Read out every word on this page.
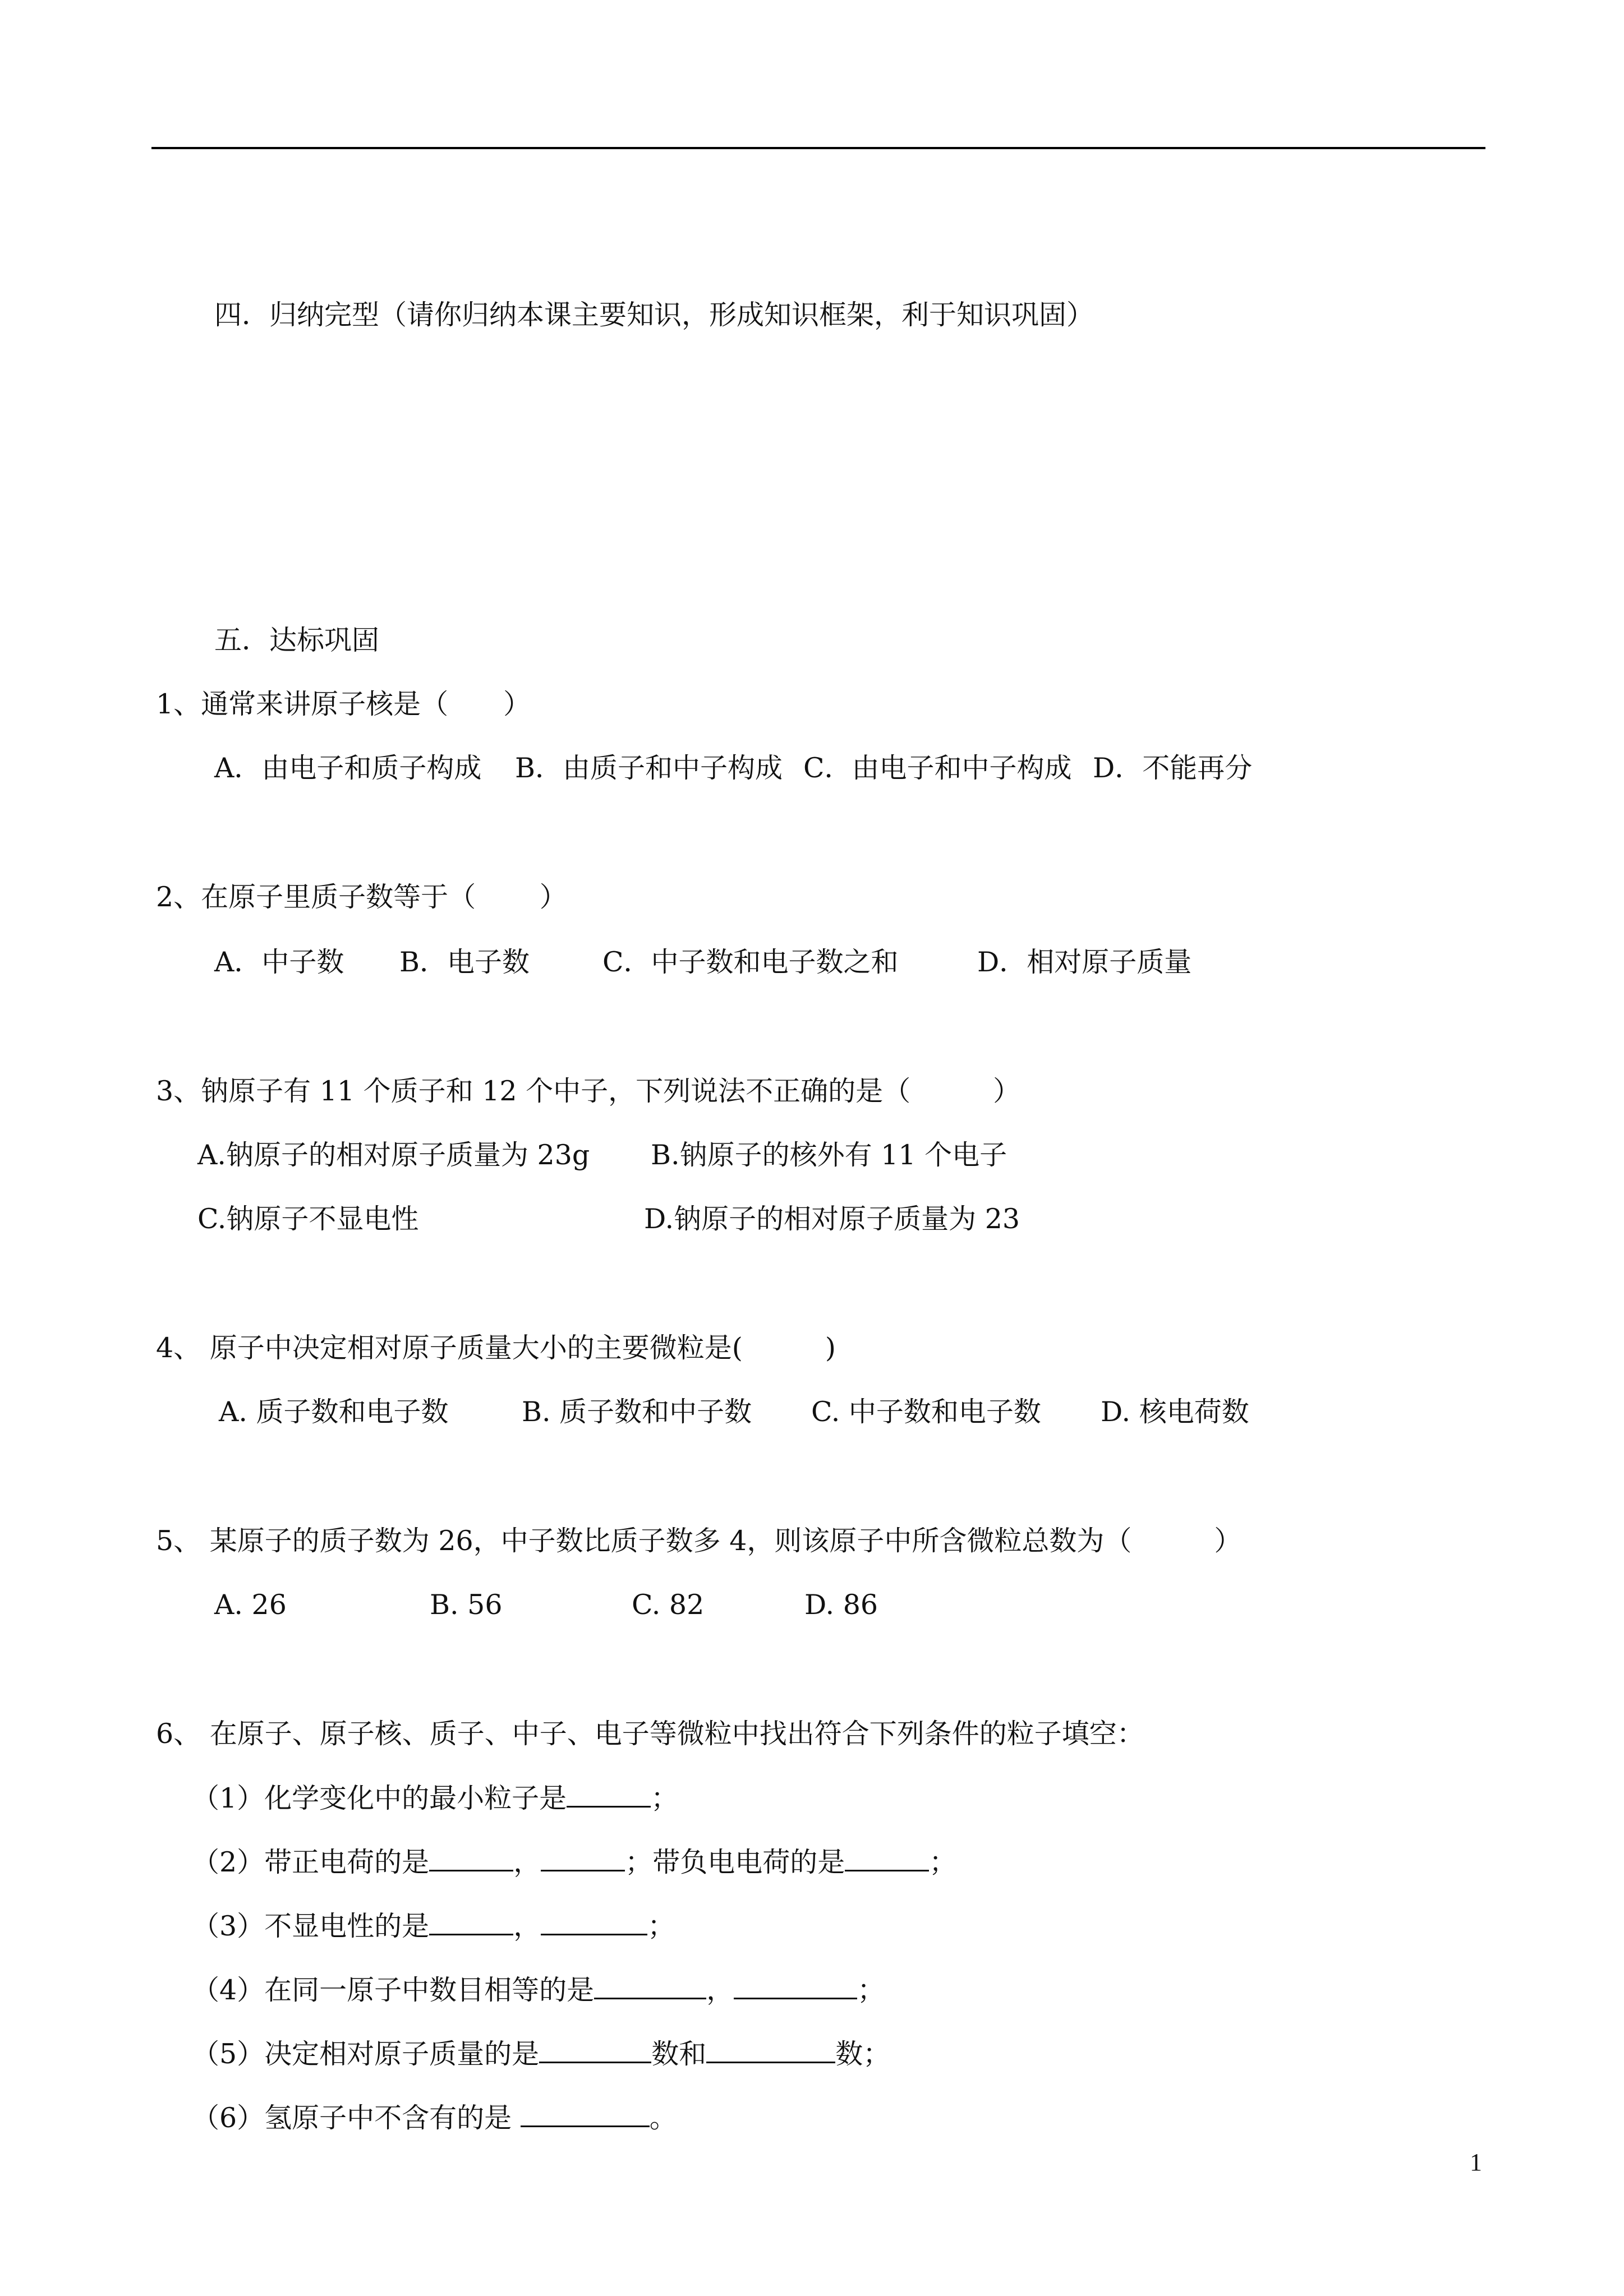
四．归纳完型（请你归纳本课主要知识，形成知识框架，利于知识巩固）
五．达标巩固
1、通常来讲原子核是（　　）
A．由电子和质子构成 B．由质子和中子构成 C．由电子和中子构成 D．不能再分
2、在原子里质子数等于（　　 ）
A．中子数 B．电子数	C．中子数和电子数之和	D．相对原子质量
3、钠原子有 11 个质子和 12 个中子，下列说法不正确的是（　　　）
A.钠原子的相对原子质量为 23g B.钠原子的核外有 11 个电子
C.钠原子不显电性	D.钠原子的相对原子质量为 23
4、 原子中决定相对原子质量大小的主要微粒是(　　　)
A. 质子数和电子数	B. 质子数和中子数 C. 中子数和电子数 D. 核电荷数
5、 某原子的质子数为 26，中子数比质子数多 4，则该原子中所含微粒总数为（　　　）
A. 26	B. 56	C. 82	D. 86
6、 在原子、原子核、质子、中子、电子等微粒中找出符合下列条件的粒子填空：
（1）化学变化中的最小粒子是	；
（2）带正电荷的是	，	；带负电电荷的是	；
（3）不显电性的是	，	；
（4）在同一原子中数目相等的是	，	；
（5）决定相对原子质量的是	数和	数；
（6）氢原子中不含有的是	。
1
